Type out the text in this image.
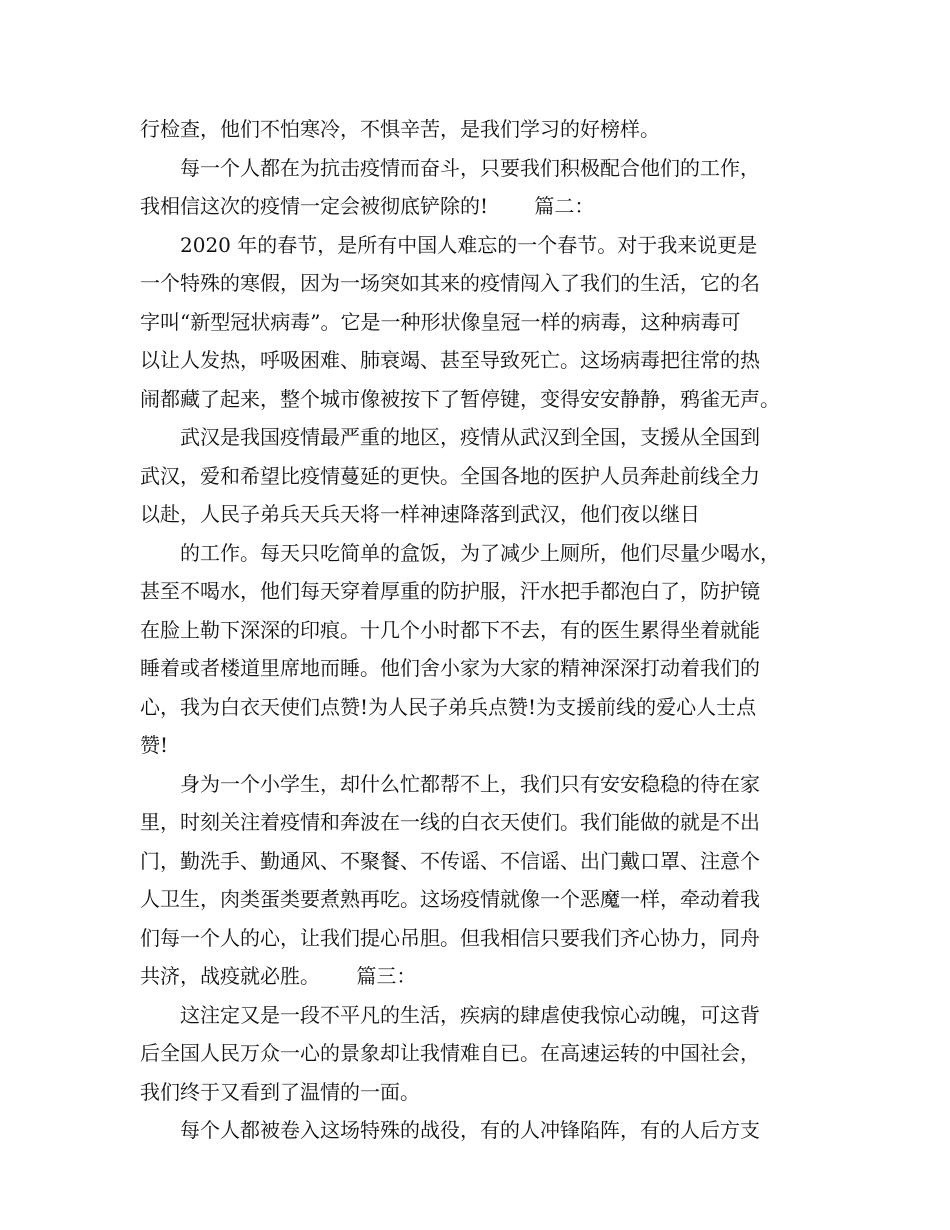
行检查，他们不怕寒冷，不惧辛苦，是我们学习的好榜样。
　　每一个人都在为抗击疫情而奋斗，只要我们积极配合他们的工作，
我相信这次的疫情一定会被彻底铲除的!　　 篇二：
　　2020 年的春节，是所有中国人难忘的一个春节。对于我来说更是
一个特殊的寒假，因为一场突如其来的疫情闯入了我们的生活，它的名
字叫“新型冠状病毒”。它是一种形状像皇冠一样的病毒，这种病毒可
以让人发热，呼吸困难、肺衰竭、甚至导致死亡。这场病毒把往常的热
闹都藏了起来，整个城市像被按下了暂停键，变得安安静静，鸦雀无声。
　　武汉是我国疫情最严重的地区，疫情从武汉到全国，支援从全国到
武汉，爱和希望比疫情蔓延的更快。全国各地的医护人员奔赴前线全力
以赴，人民子弟兵天兵天将一样神速降落到武汉，他们夜以继日
　　的工作。每天只吃简单的盒饭，为了减少上厕所，他们尽量少喝水，
甚至不喝水，他们每天穿着厚重的防护服，汗水把手都泡白了，防护镜
在脸上勒下深深的印痕。十几个小时都下不去，有的医生累得坐着就能
睡着或者楼道里席地而睡。他们舍小家为大家的精神深深打动着我们的
心，我为白衣天使们点赞!为人民子弟兵点赞!为支援前线的爱心人士点
赞!
　　身为一个小学生，却什么忙都帮不上，我们只有安安稳稳的待在家
里，时刻关注着疫情和奔波在一线的白衣天使们。我们能做的就是不出
门，勤洗手、勤通风、不聚餐、不传谣、不信谣、出门戴口罩、注意个
人卫生，肉类蛋类要煮熟再吃。这场疫情就像一个恶魔一样，牵动着我
们每一个人的心，让我们提心吊胆。但我相信只要我们齐心协力，同舟
共济，战疫就必胜。　　 篇三：
　　这注定又是一段不平凡的生活，疾病的肆虐使我惊心动魄，可这背
后全国人民万众一心的景象却让我情难自已。在高速运转的中国社会，
我们终于又看到了温情的一面。
　　每个人都被卷入这场特殊的战役，有的人冲锋陷阵，有的人后方支
